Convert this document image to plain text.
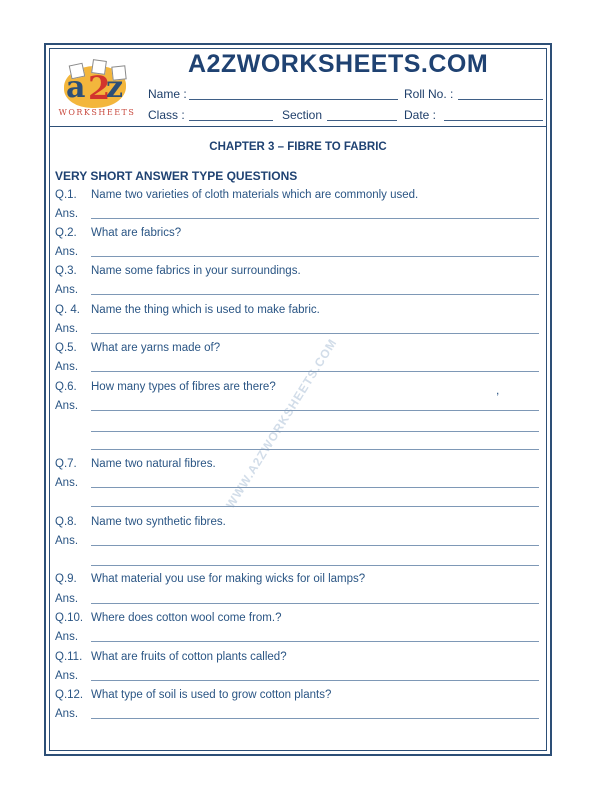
a 2
z
WORKSHEETS
A2ZWORKSHEETS.COM
Name :	Roll No. :
Class :	Section	Date :
CHAPTER 3 – FIBRE TO FABRIC
VERY SHORT ANSWER TYPE QUESTIONS
WWW.A2ZWORKSHEETS.COM
Q.1. Name two varieties of cloth materials which are commonly used.
Ans.
Q.2. What are fabrics?
Ans.
Q.3. Name some fabrics in your surroundings.
Ans.
Q. 4. Name the thing which is used to make fabric.
Ans.
Q.5. What are yarns made of?
Ans.
Q.6. How many types of fibres are there?
Ans.
Q.7. Name two natural fibres.
Ans.
Q.8. Name two synthetic fibres.
Ans.
Q.9. What material you use for making wicks for oil lamps?
Ans.
Q.10. Where does cotton wool come from.?
Ans.
Q.11. What are fruits of cotton plants called?
Ans.
Q.12. What type of soil is used to grow cotton plants?
Ans.
,
